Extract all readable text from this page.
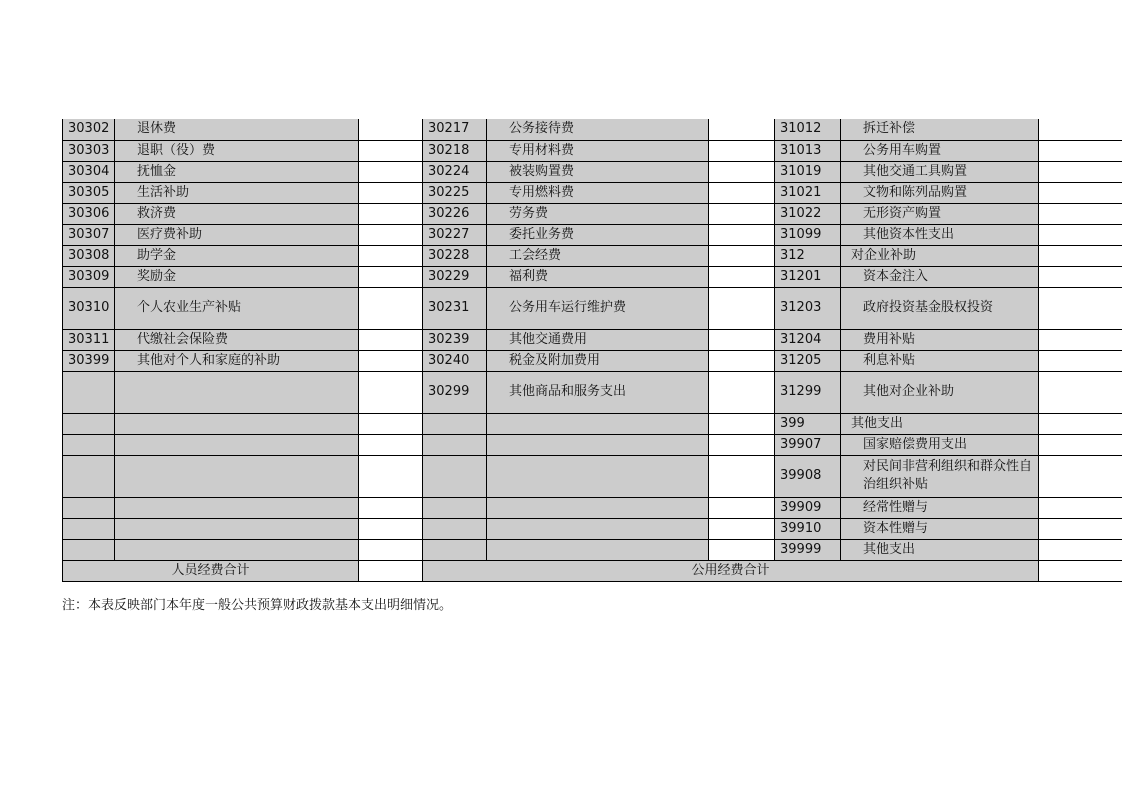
30302	退休费		30217	公务接待费		31012	拆迁补偿	
30303	退职（役）费		30218	专用材料费		31013	公务用车购置	
30304	抚恤金		30224	被装购置费		31019	其他交通工具购置	
30305	生活补助		30225	专用燃料费		31021	文物和陈列品购置	
30306	救济费		30226	劳务费		31022	无形资产购置	
30307	医疗费补助		30227	委托业务费		31099	其他资本性支出	
30308	助学金		30228	工会经费		312	对企业补助	
30309	奖励金		30229	福利费		31201	资本金注入	
30310	个人农业生产补贴		30231	公务用车运行维护费		31203	政府投资基金股权投资	
30311	代缴社会保险费		30239	其他交通费用		31204	费用补贴	
30399	其他对个人和家庭的补助		30240	税金及附加费用		31205	利息补贴	
			30299	其他商品和服务支出		31299	其他对企业补助	
						399	其他支出	
						39907	国家赔偿费用支出	
						39908	对民间非营利组织和群众性自治组织补贴	
						39909	经常性赠与	
						39910	资本性赠与	
						39999	其他支出	
人员经费合计			公用经费合计					
注：本表反映部门本年度一般公共预算财政拨款基本支出明细情况。
